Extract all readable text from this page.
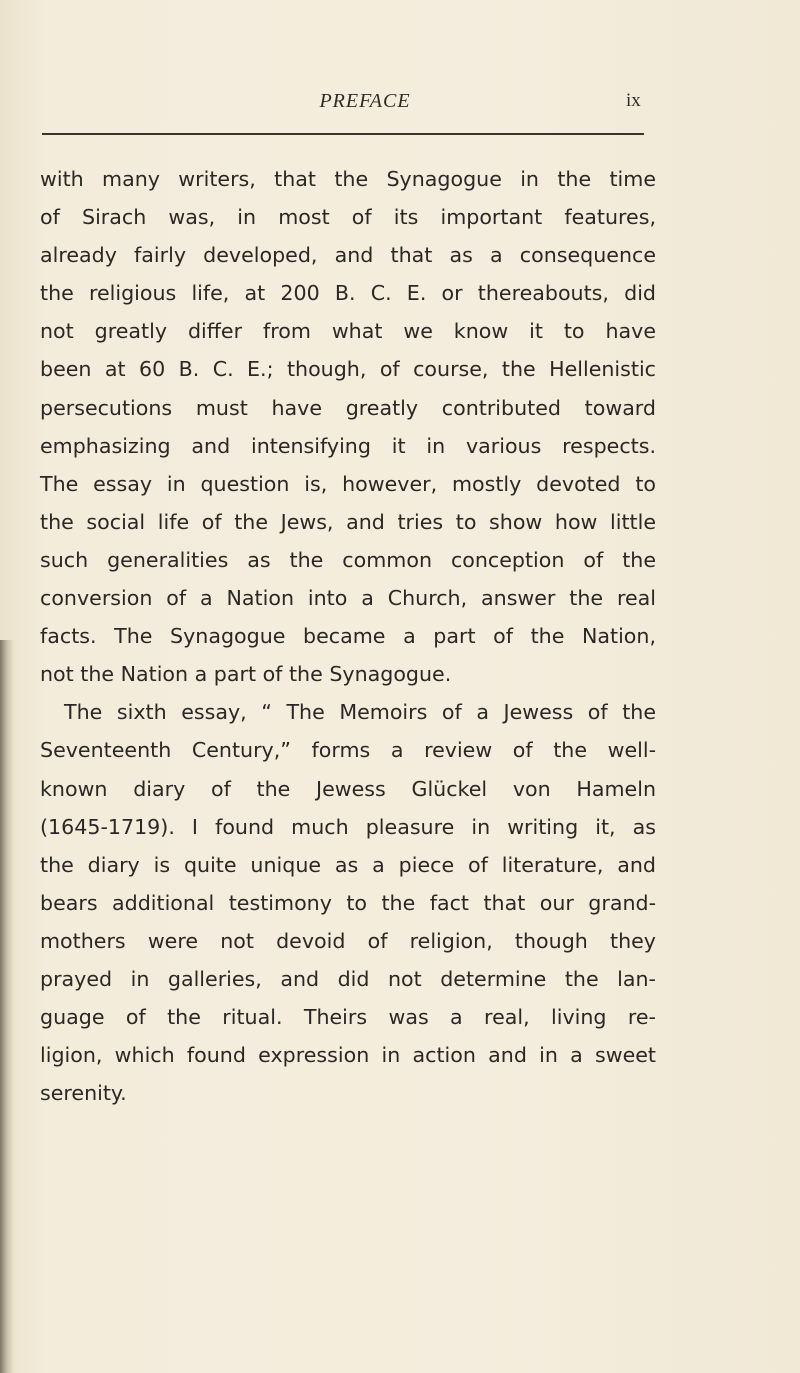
PREFACE	ix
with many writers, that the Synagogue in the time
of Sirach was, in most of its important features,
already fairly developed, and that as a consequence
the religious life, at 200 B. C. E. or thereabouts, did
not greatly differ from what we know it to have
been at 60 B. C. E.; though, of course, the Hellenistic
persecutions must have greatly contributed toward
emphasizing and intensifying it in various respects.
The essay in question is, however, mostly devoted to
the social life of the Jews, and tries to show how little
such generalities as the common conception of the
conversion of a Nation into a Church, answer the real
facts. The Synagogue became a part of the Nation,
not the Nation a part of the Synagogue.
The sixth essay, “ The Memoirs of a Jewess of the
Seventeenth Century,” forms a review of the well-
known diary of the Jewess Glückel von Hameln
(1645-1719). I found much pleasure in writing it, as
the diary is quite unique as a piece of literature, and
bears additional testimony to the fact that our grand-
mothers were not devoid of religion, though they
prayed in galleries, and did not determine the lan-
guage of the ritual. Theirs was a real, living re-
ligion, which found expression in action and in a sweet
serenity.
